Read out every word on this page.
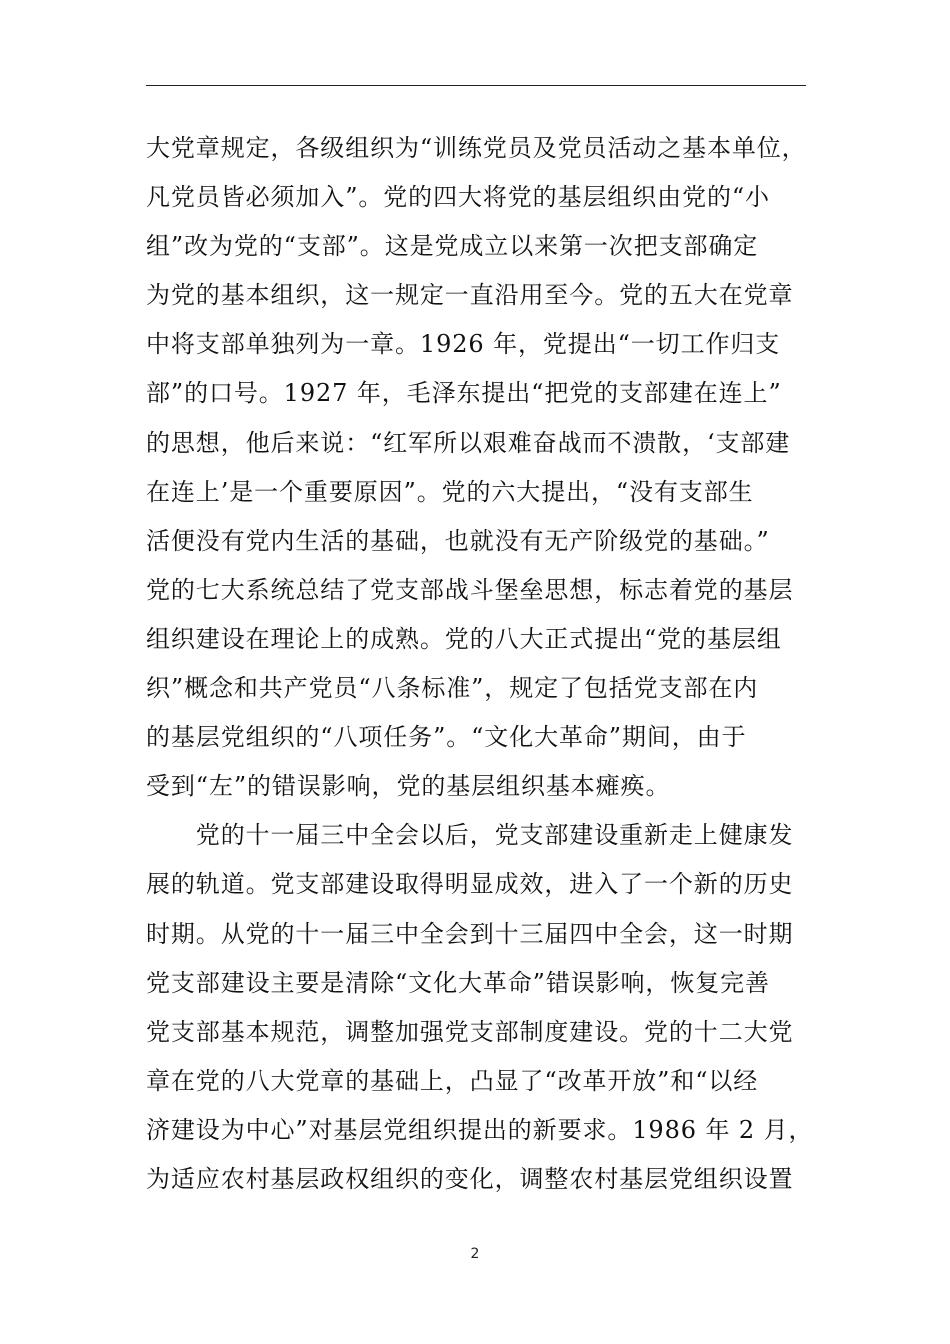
大党章规定，各级组织为“训练党员及党员活动之基本单位，
凡党员皆必须加入”。党的四大将党的基层组织由党的“小
组”改为党的“支部”。这是党成立以来第一次把支部确定
为党的基本组织，这一规定一直沿用至今。党的五大在党章
中将支部单独列为一章。1926 年，党提出“一切工作归支
部”的口号。1927 年，毛泽东提出“把党的支部建在连上”
的思想，他后来说：“红军所以艰难奋战而不溃散，‘支部建
在连上’是一个重要原因”。党的六大提出，“没有支部生
活便没有党内生活的基础，也就没有无产阶级党的基础。”
党的七大系统总结了党支部战斗堡垒思想，标志着党的基层
组织建设在理论上的成熟。党的八大正式提出“党的基层组
织”概念和共产党员“八条标准”，规定了包括党支部在内
的基层党组织的“八项任务”。“文化大革命”期间，由于
受到“左”的错误影响，党的基层组织基本瘫痪。
　　党的十一届三中全会以后，党支部建设重新走上健康发
展的轨道。党支部建设取得明显成效，进入了一个新的历史
时期。从党的十一届三中全会到十三届四中全会，这一时期
党支部建设主要是清除“文化大革命”错误影响，恢复完善
党支部基本规范，调整加强党支部制度建设。党的十二大党
章在党的八大党章的基础上，凸显了“改革开放”和“以经
济建设为中心”对基层党组织提出的新要求。1986 年 2 月，
为适应农村基层政权组织的变化，调整农村基层党组织设置
2
